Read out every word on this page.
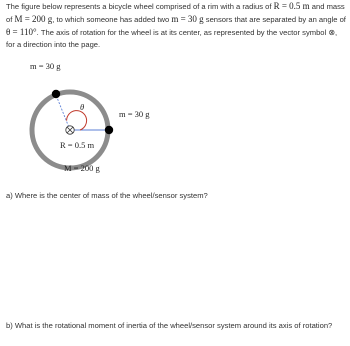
The figure below represents a bicycle wheel comprised of a rim with a radius of R = 0.5 m and mass of M = 200 g, to which someone has added two m = 30 g sensors that are separated by an angle of θ = 110°. The axis of rotation for the wheel is at its center, as represented by the vector symbol ⊗, for a direction into the page.
m = 30 g
m = 30 g
θ
R = 0.5 m
M = 200 g
a) Where is the center of mass of the wheel/sensor system?
b) What is the rotational moment of inertia of the wheel/sensor system around its axis of rotation?
